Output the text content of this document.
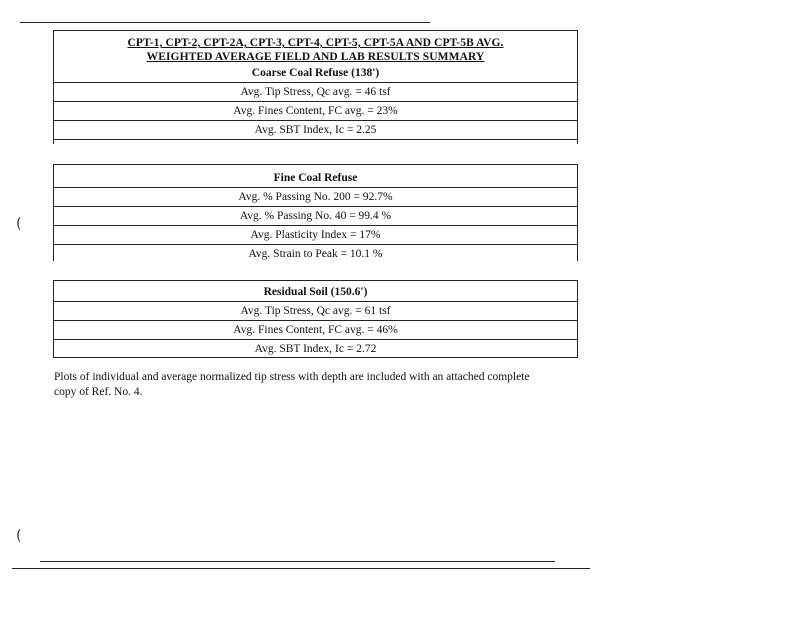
CPT-1, CPT-2, CPT-2A, CPT-3, CPT-4, CPT-5, CPT-5A AND CPT-5B AVG.
WEIGHTED AVERAGE FIELD AND LAB RESULTS SUMMARY
Coarse Coal Refuse (138')
Avg. Tip Stress, Qc avg. = 46 tsf
Avg. Fines Content, FC avg. = 23%
Avg. SBT Index, Ic = 2.25
Fine Coal Refuse
Avg. % Passing No. 200 = 92.7%
Avg. % Passing No. 40 = 99.4 %
Avg. Plasticity Index = 17%
Avg. Strain to Peak = 10.1 %
Residual Soil (150.6')
Avg. Tip Stress, Qc avg. = 61 tsf
Avg. Fines Content, FC avg. = 46%
Avg. SBT Index, Ic = 2.72
Plots of individual and average normalized tip stress with depth are included with an attached complete copy of Ref. No. 4.
(
(
